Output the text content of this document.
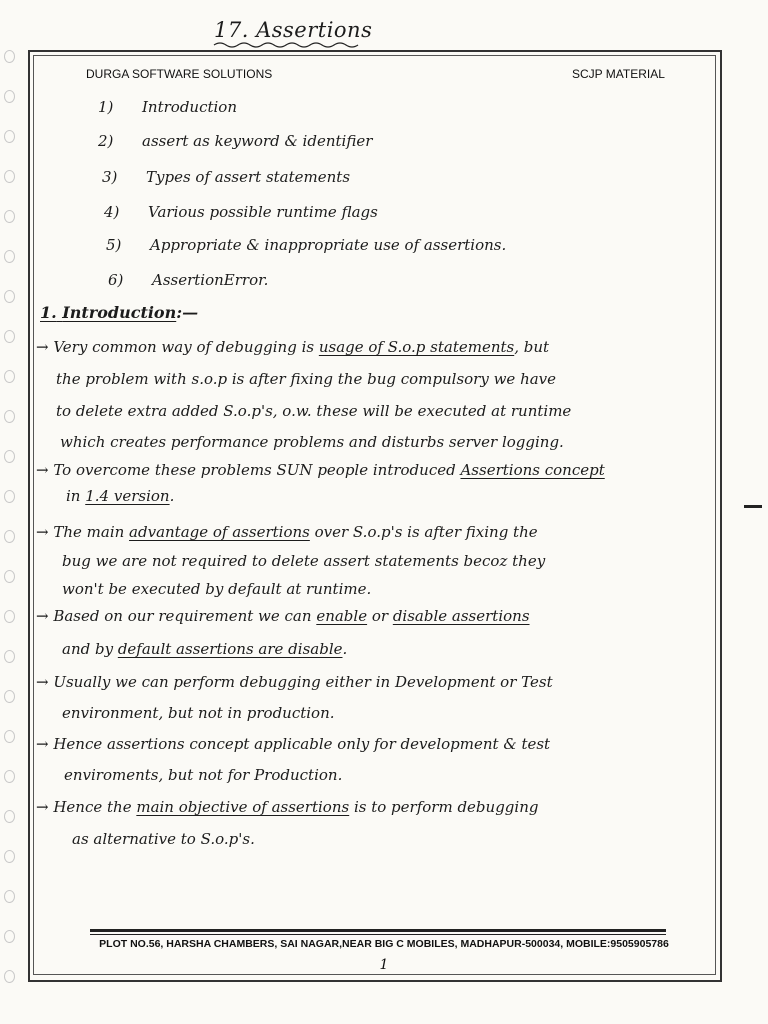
17. Assertions
DURGA SOFTWARE SOLUTIONS	SCJP MATERIAL
1) Introduction
2) assert as keyword & identifier
3) Types of assert statements
4) Various possible runtime flags
5) Appropriate & inappropriate use of assertions.
6) AssertionError.
1. Introduction:—
→ Very common way of debugging is usage of S.o.p statements, but
the problem with s.o.p is after fixing the bug compulsory we have
to delete extra added S.o.p's, o.w. these will be executed at runtime
which creates performance problems and disturbs server logging.
→ To overcome these problems SUN people introduced Assertions concept
in 1.4 version.
→ The main advantage of assertions over S.o.p's is after fixing the
bug we are not required to delete assert statements becoz they
won't be executed by default at runtime.
→ Based on our requirement we can enable or disable assertions
and by default assertions are disable.
→ Usually we can perform debugging either in Development or Test
environment, but not in production.
→ Hence assertions concept applicable only for development & test
enviroments, but not for Production.
→ Hence the main objective of assertions is to perform debugging
as alternative to S.o.p's.
PLOT NO.56, HARSHA CHAMBERS, SAI NAGAR,NEAR BIG C MOBILES, MADHAPUR-500034, MOBILE:9505905786
1
